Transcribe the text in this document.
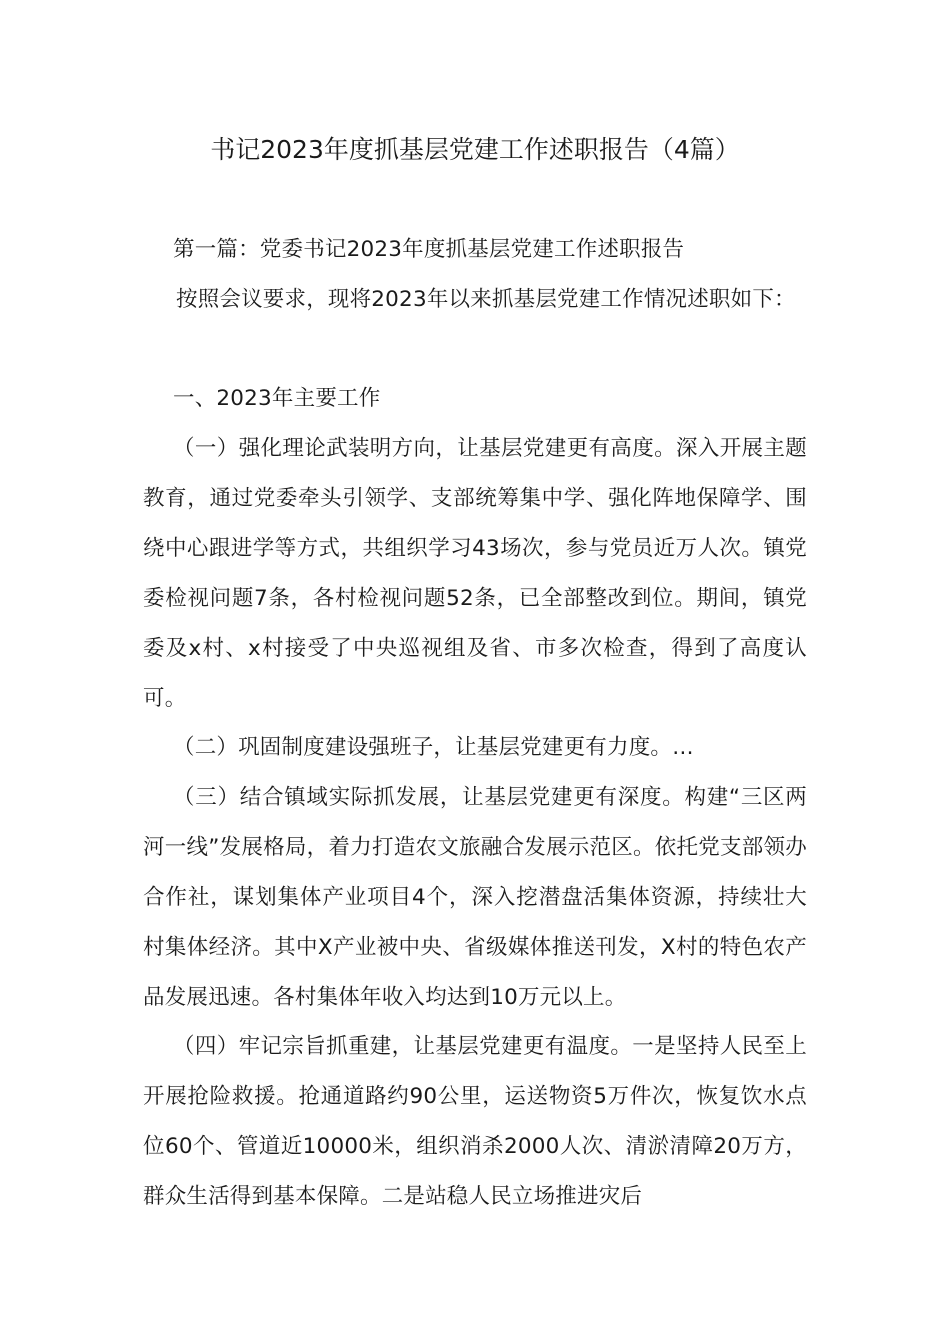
书记2023年度抓基层党建工作述职报告（4篇）

第一篇：党委书记2023年度抓基层党建工作述职报告

按照会议要求，现将2023年以来抓基层党建工作情况述职如下：

一、2023年主要工作

（一）强化理论武装明方向，让基层党建更有高度。深入开展主题教育，通过党委牵头引领学、支部统筹集中学、强化阵地保障学、围绕中心跟进学等方式，共组织学习43场次，参与党员近万人次。镇党委检视问题7条，各村检视问题52条，已全部整改到位。期间，镇党委及x村、x村接受了中央巡视组及省、市多次检查，得到了高度认可。

（二）巩固制度建设强班子，让基层党建更有力度。…

（三）结合镇域实际抓发展，让基层党建更有深度。构建“三区两河一线”发展格局，着力打造农文旅融合发展示范区。依托党支部领办合作社，谋划集体产业项目4个，深入挖潜盘活集体资源，持续壮大村集体经济。其中X产业被中央、省级媒体推送刊发，X村的特色农产品发展迅速。各村集体年收入均达到10万元以上。

（四）牢记宗旨抓重建，让基层党建更有温度。一是坚持人民至上开展抢险救援。抢通道路约90公里，运送物资5万件次，恢复饮水点位60个、管道近10000米，组织消杀2000人次、清淤清障20万方，群众生活得到基本保障。二是站稳人民立场推进灾后
